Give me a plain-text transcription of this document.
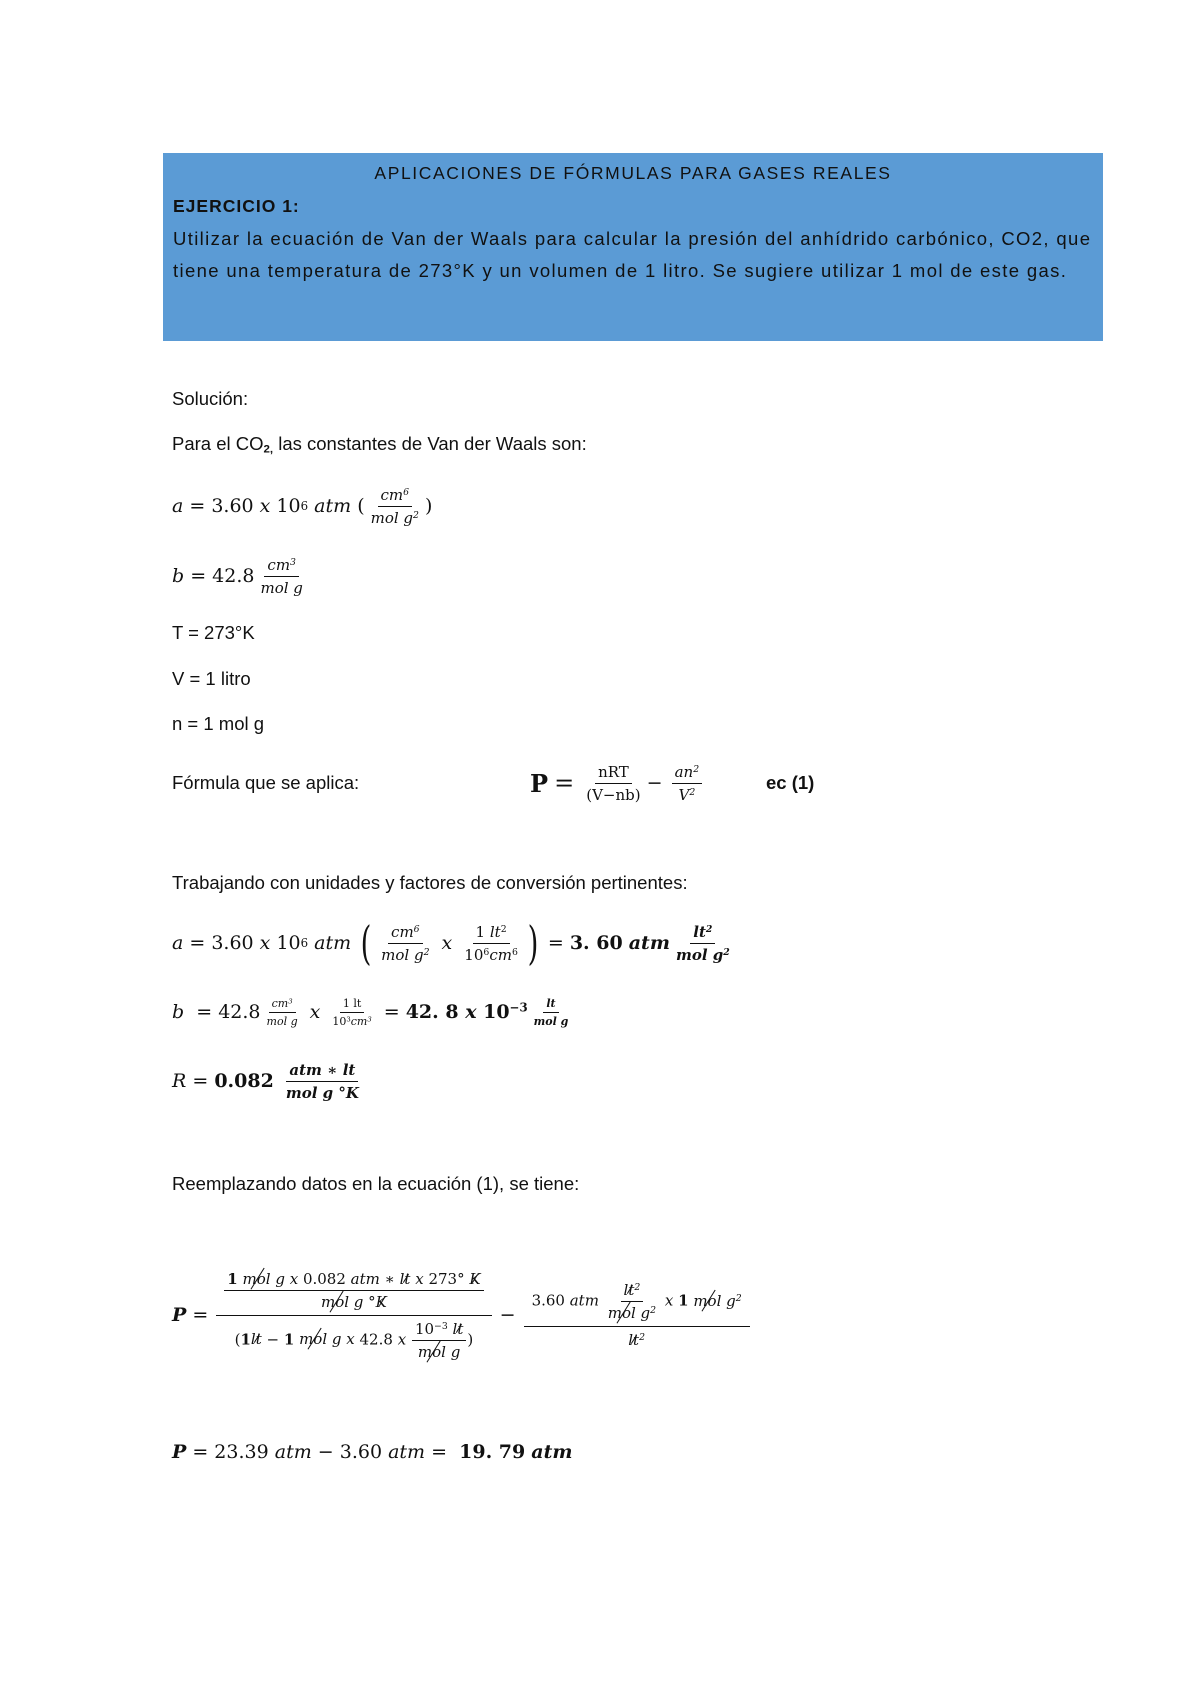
APLICACIONES DE FÓRMULAS PARA GASES REALES
EJERCICIO 1:
Utilizar la ecuación de Van der Waals para calcular la presión del anhídrido carbónico, CO2, que tiene una temperatura de 273°K y un volumen de 1 litro. Se sugiere utilizar 1 mol de este gas.
Solución:
Para el $CO_{2,}$ las constantes de Van der Waals son:
a = 3.60 x 10 6
atm ( $\frac{cm^6}{mol g^2}$ )
$b = 42.8 \frac{cm^3}{\text{mol g}}$
T = 273°K
V = 1 litro
n = 1 mol g
Fórmula que se aplica:	P
=
$\frac{\text{nRT}}{(V-nb)} - \frac{an^2}{V^2}$	ec (1)
Trabajando con unidades y factores de conversión pertinentes:
a = 3.60 x 10 6
atm
( $\frac{cm^6}{mol g^2}$ x $\frac{1 lt^2}{10^6cm^6}$ ) = 3. 60
atm $\frac{lt^2}{mol g^2}$
$b = 42.8 \frac{cm^3}{\text{mol g}}$ x $\frac{1 lt}{10^3cm^3} = 42$. 8 x $10^{-3} \frac{lt}{\text{mol g}}$
R = 0.082
$\frac{\text{atm ∗ lt}}{\text{mol g °K}}$
Reemplazando datos en la ecuación (1), se tiene:
$P = \frac{\frac{\text{1 mol g x 0.082 atm ∗ lt x 273° K}}{\text{mol g °K}}}{(1lt - 1 mol g x 42.8 x \frac{10^{-3} lt}{\text{mol g}} )} - \frac{3.60 atm \frac{lt^2}{mol g^2} x 1 mol g^2}{lt^2}$
P = 23.39
atm − 3.60
atm = 19. 79
atm
